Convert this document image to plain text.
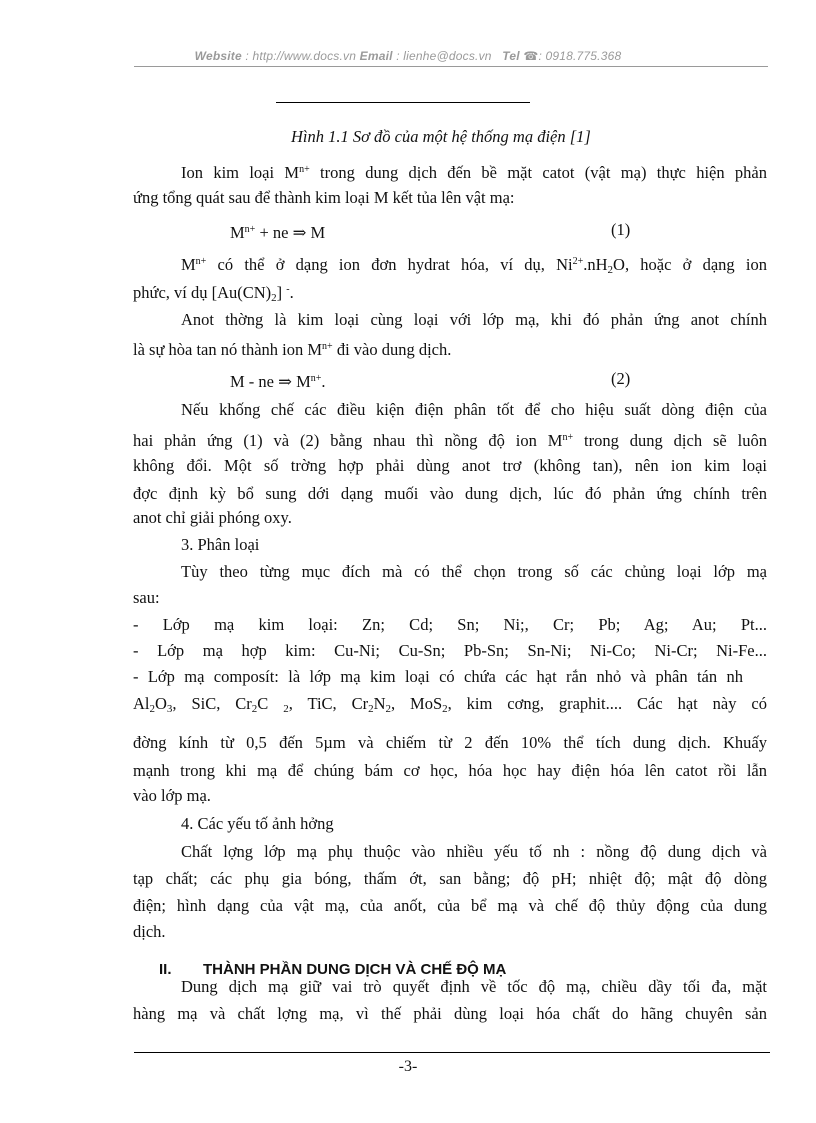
Website : http://www.docs.vn Email : lienhe@docs.vn Tel ☎: 0918.775.368
Hình 1.1 Sơ đồ của một hệ thống mạ điện [1]
Ion kim loại $M^{n+}$ trong dung dịch đến bề mặt catot (vật mạ) thực hiện phản
ứng tổng quát sau để thành kim loại M kết tủa lên vật mạ:
$M^{n+}$ + ne ⇒ M	(1)
$M^{n+}$ có thể ở dạng ion đơn hydrat hóa, ví dụ, $Ni^{2+}.nH_2O$, hoặc ở dạng ion
phức, ví dụ $[Au(CN)_2]$ -.
Anot thờng là kim loại cùng loại với lớp mạ, khi đó phản ứng anot chính
là sự hòa tan nó thành ion $M^{n+}$ đi vào dung dịch.
M - ne ⇒ $M^{n+}$.	(2)
Nếu khống chế các điều kiện điện phân tốt để cho hiệu suất dòng điện của
hai phản ứng (1) và (2) bằng nhau thì nồng độ ion $M^{n+}$ trong dung dịch sẽ luôn
không đổi. Một số trờng hợp phải dùng anot trơ (không tan), nên ion kim loại
đợc định kỳ bổ sung dới dạng muối vào dung dịch, lúc đó phản ứng chính trên
anot chỉ giải phóng oxy.
3. Phân loại
Tùy theo từng mục đích mà có thể chọn trong số các chủng loại lớp mạ
sau:
- Lớp mạ kim loại: Zn; Cd; Sn; Ni;, Cr; Pb; Ag; Au; Pt...
- Lớp mạ hợp kim: Cu-Ni; Cu-Sn; Pb-Sn; Sn-Ni; Ni-Co; Ni-Cr; Ni-Fe...
- Lớp mạ composít: là lớp mạ kim loại có chứa các hạt rắn nhỏ và phân tán nh
$Al_2O_3$, SiC, $Cr_2C$ $_2$, TiC, $Cr_2N_2$, MoS$_2$, kim cơng, graphit.... Các hạt này có
đờng kính từ 0,5 đến 5µm và chiếm từ 2 đến 10% thể tích dung dịch. Khuấy
mạnh trong khi mạ để chúng bám cơ học, hóa học hay điện hóa lên catot rồi lẫn
vào lớp mạ.
4. Các yếu tố ảnh hởng
Chất lợng lớp mạ phụ thuộc vào nhiều yếu tố nh : nồng độ dung dịch và
tạp chất; các phụ gia bóng, thấm ớt, san bằng; độ pH; nhiệt độ; mật độ dòng
điện; hình dạng của vật mạ, của anốt, của bể mạ và chế độ thủy động của dung
dịch.
II. THÀNH PHẦN DUNG DỊCH VÀ CHẾ ĐỘ MẠ
Dung dịch mạ giữ vai trò quyết định về tốc độ mạ, chiều dầy tối đa, mặt
hàng mạ và chất lợng mạ, vì thế phải dùng loại hóa chất do hãng chuyên sản
-3-
